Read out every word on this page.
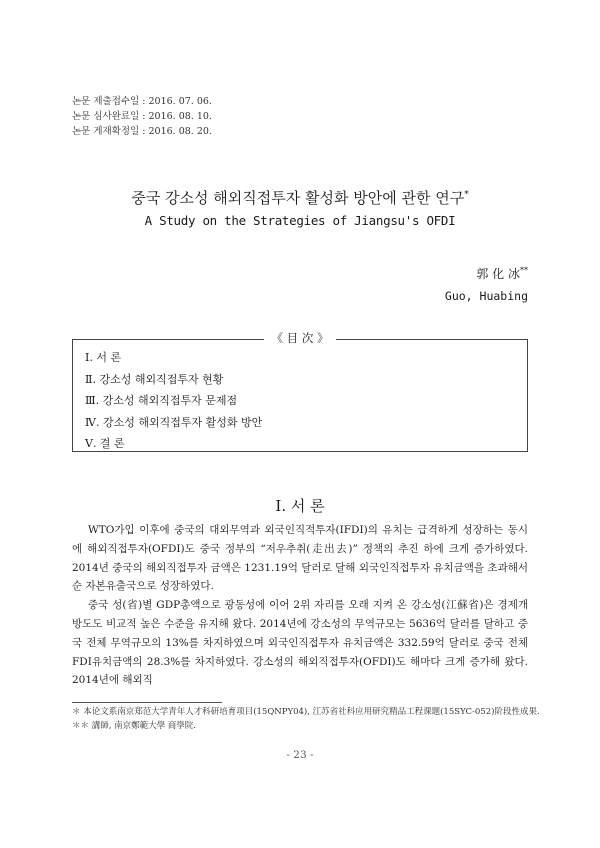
논문 제출접수일 : 2016. 07. 06.
논문 심사완료일 : 2016. 08. 10.
논문 게재확정일 : 2016. 08. 20.
중국 강소성 해외직접투자 활성화 방안에 관한 연구*
A Study on the Strategies of Jiangsu's OFDI
郭 化 冰**
Guo, Huabing
Ⅰ. 서 론
Ⅱ. 강소성 해외직접투자 현황
Ⅲ. 강소성 해외직접투자 문제점
Ⅳ. 강소성 해외직접투자 활성화 방안
Ⅴ. 결 론
《 目 次 》
Ⅰ. 서 론

WTO가입 이후에 중국의 대외무역과 외국인직적투자(IFDI)의 유치는 급격하게 성장하는 동시에 해외직접투자(OFDI)도 중국 정부의 “저우추취(走出去)” 정책의 추진 하에 크게 증가하였다. 2014년 중국의 해외직접투자 금액은 1231.19억 달러로 달해 외국인직접투자 유치금액을 초과해서 순 자본유출국으로 성장하였다.

중국 성(省)별 GDP총액으로 광동성에 이어 2위 자리를 오래 지켜 온 강소성(江蘇省)은 경제개방도도 비교적 높은 수준을 유지해 왔다. 2014년에 강소성의 무역규모는 5636억 달러를 달하고 중국 전체 무역규모의 13%를 차지하였으며 외국인직접투자 유치금액은 332.59억 달러로 중국 전체 FDI유치금액의 28.3%를 차지하였다. 강소성의 해외직접투자(OFDI)도 해마다 크게 증가해 왔다. 2014년에 해외직

＊ 本论文系南京郑范大学青年人才科研培育项目(15QNPY04), 江苏省社科应用研究精品工程课题(15SYC-052)阶段性成果.
＊＊ 講師, 南京鄭範大學 商學院.
- 23 -
